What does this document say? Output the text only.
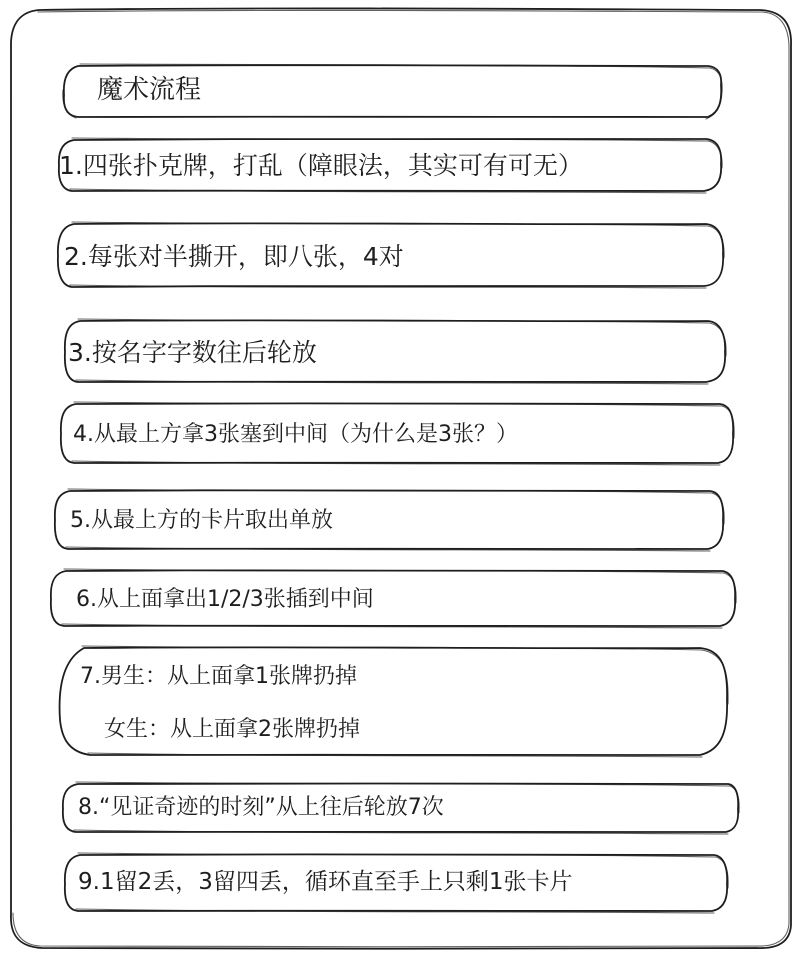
魔术流程
1.四张扑克牌，打乱（障眼法，其实可有可无）
2.每张对半撕开，即八张，4对
3.按名字字数往后轮放
4.从最上方拿3张塞到中间（为什么是3张？）
5.从最上方的卡片取出单放
6.从上面拿出1/2/3张插到中间
7.男生：从上面拿1张牌扔掉
女生：从上面拿2张牌扔掉
8.“见证奇迹的时刻”从上往后轮放7次
9.1留2丢，3留四丢，循环直至手上只剩1张卡片
